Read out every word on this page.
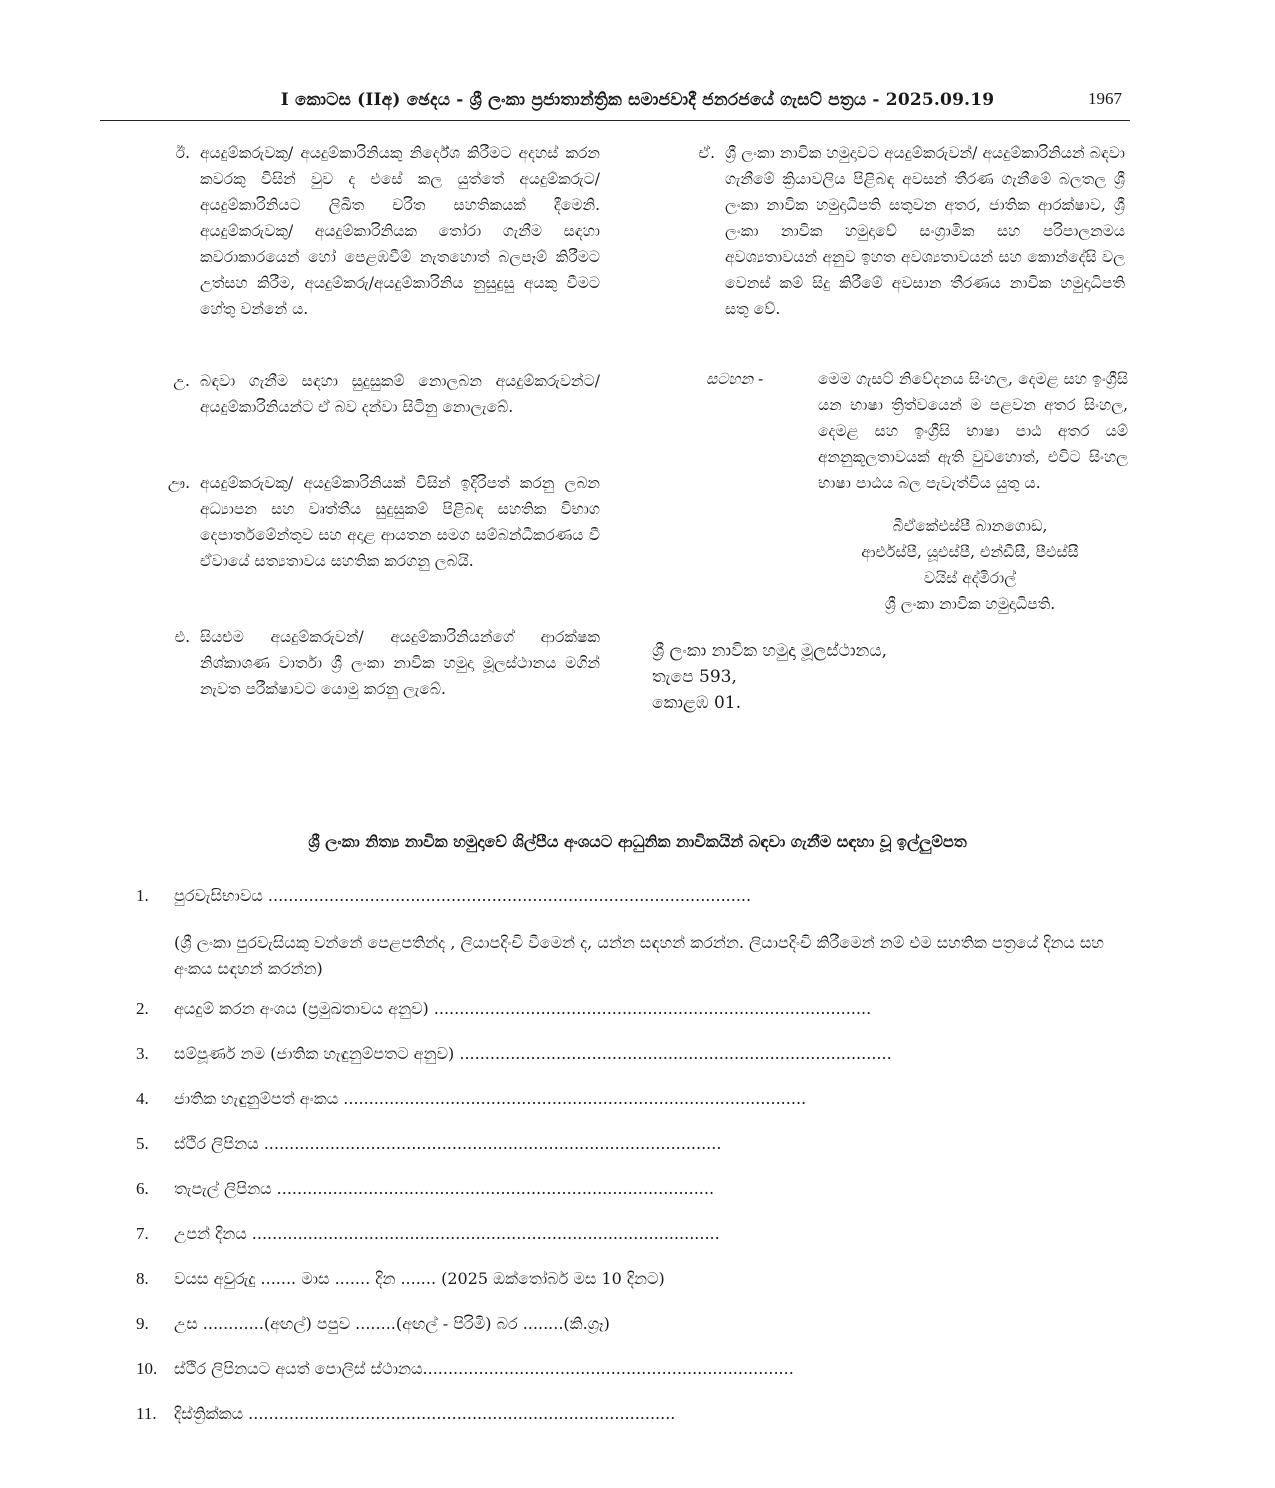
I කොටස (IIඅ) ඡෙදය - ශ්‍රී ලංකා ප්‍රජාතාන්ත්‍රික සමාජවාදී ජනරජයේ ගැසට් පත්‍රය - 2025.09.19	1967
ඊ. අයදුම්කරුවකු/ අයදුම්කාරිනියකු නිර්දේශ කිරීමට අදහස් කරන කවරකු විසින් වුව ද එසේ කල යුත්තේ අයදුම්කරුට/ අයදුම්කාරිනියට ලිඛිත චරිත සහතිකයක් දීමෙනි. අයදුම්කරුවකු/ අයදුම්කාරිනියක තෝරා ගැනීම සඳහා කවරාකාරයෙන් හෝ පෙළඹවීම් නැතහොත් බලපෑම් කිරීමට උත්සහ කිරීම, අයදුම්කරු/අයදුම්කාරිනිය නුසුදුසු අයකු වීමට හේතු වන්නේ ය.
උ. බඳවා ගැනීම සඳහා සුදුසුකම් නොලබන අයදුම්කරුවන්ට/අයදුම්කාරිනියන්ට ඒ බව දන්වා සිටිනු නොලැබේ.
ඌ. අයදුම්කරුවකු/ අයදුම්කාරිනියක් විසින් ඉදිරිපත් කරනු ලබන අධ්‍යාපන සහ වෘත්තීය සුදුසුකම් පිළිබඳ සහතික විභාග දෙපාර්තමේන්තුව සහ අදාළ ආයතන සමග සම්බන්ධීකරණය වී ඒවායේ සත්‍යතාවය සහතික කරගනු ලබයි.
එ. සියළුම අයදුම්කරුවන්/ අයදුම්කාරිනියන්ගේ ආරක්ෂක නිශ්කාශණ වාර්තා ශ්‍රී ලංකා නාවික හමුදා මූලස්ථානය මගින් නැවත පරීක්ෂාවට යොමු කරනු ලැබේ.
ඒ. ශ්‍රී ලංකා නාවික හමුදාවට අයදුම්කරුවන්/ අයදුම්කාරිනියන් බඳවා ගැනීමේ ක්‍රියාවලිය පිළිබඳ අවසන් තීරණ ගැනීමේ බලතල ශ්‍රී ලංකා නාවික හමුදාධිපති සතුවන අතර, ජාතික ආරක්ෂාව, ශ්‍රී ලංකා නාවික හමුදාවේ සංග්‍රාමික සහ පරිපාලනමය අවශ්‍යතාවයන් අනුව ඉහත අවශ්‍යතාවයන් සහ කොන්දේසි වල වෙනස් කම් සිදු කිරීමේ අවසාන තීරණය නාවික හමුදාධිපති සතු වේ.
සටහන -	මෙම ගැසට් නිවේදනය සිංහල, දෙමළ සහ ඉංග්‍රීසි යන භාෂා ත්‍රිත්වයෙන් ම පළවන අතර සිංහල, දෙමළ සහ ඉංග්‍රීසි භාෂා පාඨ අතර යම් අනනුකූලතාවයක් ඇති වුවහොත්, එවිට සිංහල භාෂා පාඨය බල පැවැත්විය යුතු ය.
බීඒකේඑස්පී බානගොඩ,
ආර්එස්පී, යූඑස්පී, එන්ඩීසී, පීඑස්සී
වයිස් අද්මිරාල්
ශ්‍රී ලංකා නාවික හමුදාධිපති.
ශ්‍රී ලංකා නාවික හමුදා මූලස්ථානය,
තැපෙ 593,
කොළඹ 01.
ශ්‍රී ලංකා නිත්‍ය නාවික හමුදාවේ ශිල්පීය අංශයට ආධුනික නාවිකයින් බඳවා ගැනීම සඳහා වූ ඉල්ලුම්පත
1. පුරවැසිභාවය ...............................................................................................
(ශ්‍රී ලංකා පුරවැසියකු වන්නේ පෙළපතින්ද , ලියාපදිංචි වීමෙන් ද, යන්න සඳහන් කරන්න. ලියාපදිංචි කිරීමෙන් නම් එම සහතික පත්‍රයේ දිනය සහ අංකය සඳහන් කරන්න)
2. අයදුම් කරන අංශය (ප්‍රමුඛතාවය අනුව) ......................................................................................
3. සම්පූර්ණ නම (ජාතික හැඳුනුම්පතට අනුව) .....................................................................................
4. ජාතික හැඳුනුම්පත් අංකය ...........................................................................................
5. ස්ථිර ලිපිනය ..........................................................................................
6. තැපැල් ලිපිනය ......................................................................................
7. උපන් දිනය ............................................................................................
8. වයස අවුරුදු ....... මාස ....... දින ....... (2025 ඔක්තෝබර් මස 10 දිනට)
9. උස ............(අඟල්) පපුව ........(අඟල් - පිරිමි) බර ........(කි.ග්‍රෑ)
10. ස්ථිර ලිපිනයට අයත් පොලිස් ස්ථානය.........................................................................
11. දිස්ත්‍රික්කය ....................................................................................
